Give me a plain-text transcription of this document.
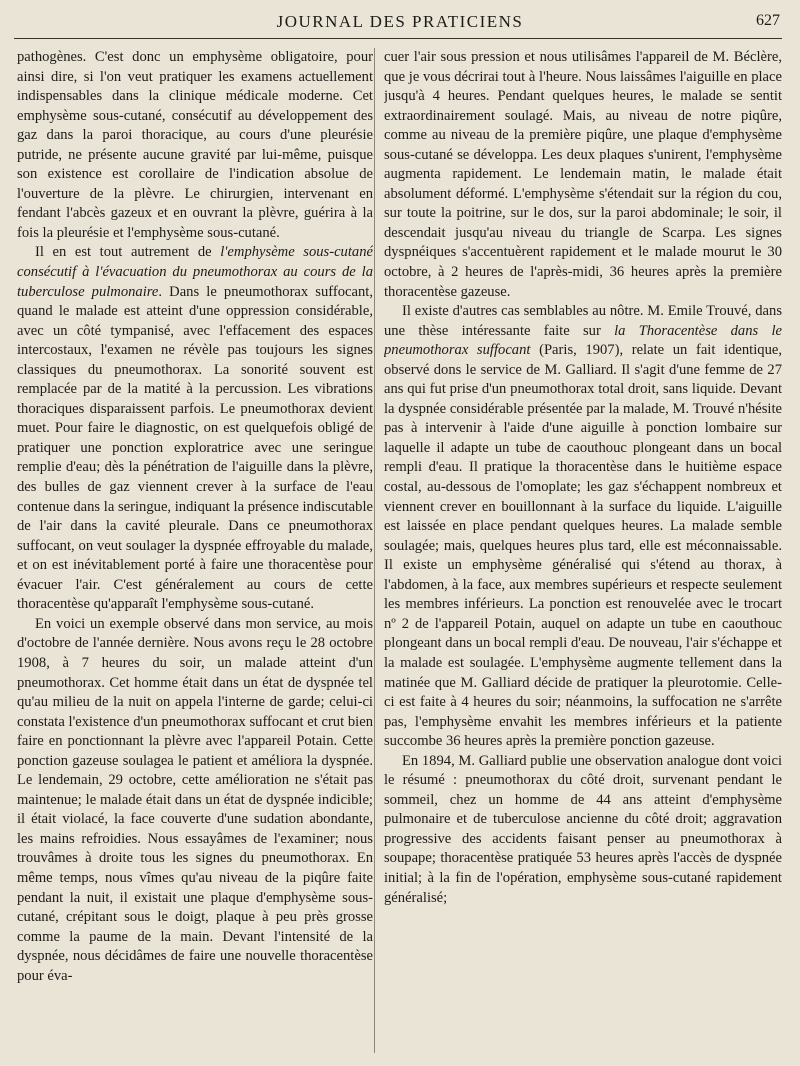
JOURNAL DES PRATICIENS	627

pathogènes. C'est donc un emphysème obligatoire, pour ainsi dire, si l'on veut pratiquer les examens actuellement indispensables dans la clinique médicale moderne. Cet emphysème sous-cutané, consécutif au développement des gaz dans la paroi thoracique, au cours d'une pleurésie putride, ne présente aucune gravité par lui-même, puisque son existence est corollaire de l'indication absolue de l'ouverture de la plèvre. Le chirurgien, intervenant en fendant l'abcès gazeux et en ouvrant la plèvre, guérira à la fois la pleurésie et l'emphysème sous-cutané.

Il en est tout autrement de l'emphysème sous-cutané consécutif à l'évacuation du pneumothorax au cours de la tuberculose pulmonaire. Dans le pneumothorax suffocant, quand le malade est atteint d'une oppression considérable, avec un côté tympanisé, avec l'effacement des espaces intercostaux, l'examen ne révèle pas toujours les signes classiques du pneumothorax. La sonorité souvent est remplacée par de la matité à la percussion. Les vibrations thoraciques disparaissent parfois. Le pneumothorax devient muet. Pour faire le diagnostic, on est quelquefois obligé de pratiquer une ponction exploratrice avec une seringue remplie d'eau; dès la pénétration de l'aiguille dans la plèvre, des bulles de gaz viennent crever à la surface de l'eau contenue dans la seringue, indiquant la présence indiscutable de l'air dans la cavité pleurale. Dans ce pneumothorax suffocant, on veut soulager la dyspnée effroyable du malade, et on est inévitablement porté à faire une thoracentèse pour évacuer l'air. C'est généralement au cours de cette thoracentèse qu'apparaît l'emphysème sous-cutané.

En voici un exemple observé dans mon service, au mois d'octobre de l'année dernière. Nous avons reçu le 28 octobre 1908, à 7 heures du soir, un malade atteint d'un pneumothorax. Cet homme était dans un état de dyspnée tel qu'au milieu de la nuit on appela l'interne de garde; celui-ci constata l'existence d'un pneumothorax suffocant et crut bien faire en ponctionnant la plèvre avec l'appareil Potain. Cette ponction gazeuse soulagea le patient et améliora la dyspnée. Le lendemain, 29 octobre, cette amélioration ne s'était pas maintenue; le malade était dans un état de dyspnée indicible; il était violacé, la face couverte d'une sudation abondante, les mains refroidies. Nous essayâmes de l'examiner; nous trouvâmes à droite tous les signes du pneumothorax. En même temps, nous vîmes qu'au niveau de la piqûre faite pendant la nuit, il existait une plaque d'emphysème sous-cutané, crépitant sous le doigt, plaque à peu près grosse comme la paume de la main. Devant l'intensité de la dyspnée, nous décidâmes de faire une nouvelle thoracentèse pour éva-

cuer l'air sous pression et nous utilisâmes l'appareil de M. Béclère, que je vous décrirai tout à l'heure. Nous laissâmes l'aiguille en place jusqu'à 4 heures. Pendant quelques heures, le malade se sentit extraordinairement soulagé. Mais, au niveau de notre piqûre, comme au niveau de la première piqûre, une plaque d'emphysème sous-cutané se développa. Les deux plaques s'unirent, l'emphysème augmenta rapidement. Le lendemain matin, le malade était absolument déformé. L'emphysème s'étendait sur la région du cou, sur toute la poitrine, sur le dos, sur la paroi abdominale; le soir, il descendait jusqu'au niveau du triangle de Scarpa. Les signes dyspnéiques s'accentuèrent rapidement et le malade mourut le 30 octobre, à 2 heures de l'après-midi, 36 heures après la première thoracentèse gazeuse.

Il existe d'autres cas semblables au nôtre. M. Emile Trouvé, dans une thèse intéressante faite sur la Thoracentèse dans le pneumothorax suffocant (Paris, 1907), relate un fait identique, observé dons le service de M. Galliard. Il s'agit d'une femme de 27 ans qui fut prise d'un pneumothorax total droit, sans liquide. Devant la dyspnée considérable présentée par la malade, M. Trouvé n'hésite pas à intervenir à l'aide d'une aiguille à ponction lombaire sur laquelle il adapte un tube de caouthouc plongeant dans un bocal rempli d'eau. Il pratique la thoracentèse dans le huitième espace costal, au-dessous de l'omoplate; les gaz s'échappent nombreux et viennent crever en bouillonnant à la surface du liquide. L'aiguille est laissée en place pendant quelques heures. La malade semble soulagée; mais, quelques heures plus tard, elle est méconnaissable. Il existe un emphysème généralisé qui s'étend au thorax, à l'abdomen, à la face, aux membres supérieurs et respecte seulement les membres inférieurs. La ponction est renouvelée avec le trocart nº 2 de l'appareil Potain, auquel on adapte un tube en caouthouc plongeant dans un bocal rempli d'eau. De nouveau, l'air s'échappe et la malade est soulagée. L'emphysème augmente tellement dans la matinée que M. Galliard décide de pratiquer la pleurotomie. Celle-ci est faite à 4 heures du soir; néanmoins, la suffocation ne s'arrête pas, l'emphysème envahit les membres inférieurs et la patiente succombe 36 heures après la première ponction gazeuse.

En 1894, M. Galliard publie une observation analogue dont voici le résumé : pneumothorax du côté droit, survenant pendant le sommeil, chez un homme de 44 ans atteint d'emphysème pulmonaire et de tuberculose ancienne du côté droit; aggravation progressive des accidents faisant penser au pneumothorax à soupape; thoracentèse pratiquée 53 heures après l'accès de dyspnée initial; à la fin de l'opération, emphysème sous-cutané rapidement généralisé;
